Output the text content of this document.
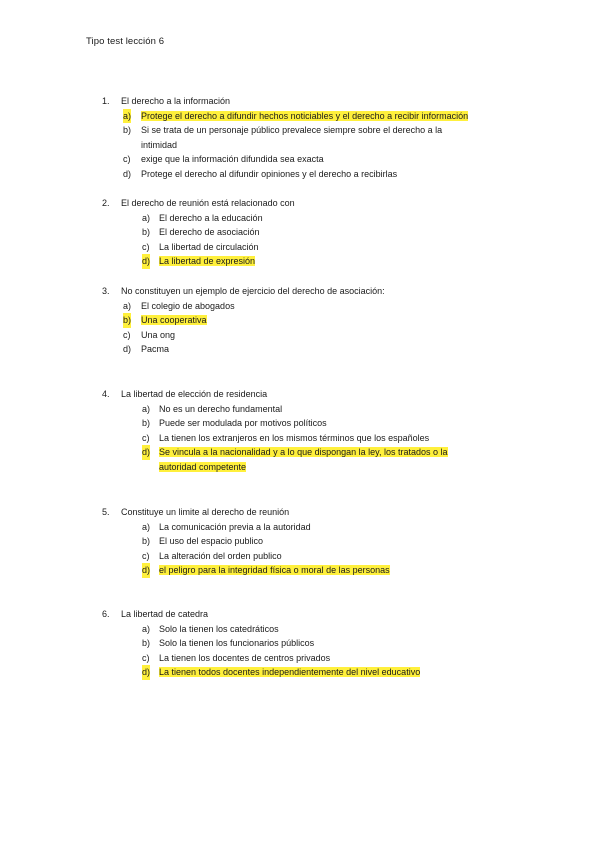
Tipo test lección 6
1. El derecho a la información
a) Protege el derecho a difundir hechos noticiables y el derecho a recibir información
b) Si se trata de un personaje público prevalece siempre sobre el derecho a la
intimidad
c) exige que la información difundida sea exacta
d) Protege el derecho al difundir opiniones y el derecho a recibirlas
2. El derecho de reunión está relacionado con
a) El derecho a la educación
b) El derecho de asociación
c) La libertad de circulación
d) La libertad de expresión
3. No constituyen un ejemplo de ejercicio del derecho de asociación:
a) El colegio de abogados
b) Una cooperativa
c) Una ong
d) Pacma
4. La libertad de elección de residencia
a) No es un derecho fundamental
b) Puede ser modulada por motivos políticos
c) La tienen los extranjeros en los mismos términos que los españoles
d) Se vincula a la nacionalidad y a lo que dispongan la ley, los tratados o la
autoridad competente
5. Constituye un limite al derecho de reunión
a) La comunicación previa a la autoridad
b) El uso del espacio publico
c) La alteración del orden publico
d) el peligro para la integridad física o moral de las personas
6. La libertad de catedra
a) Solo la tienen los catedráticos
b) Solo la tienen los funcionarios públicos
c) La tienen los docentes de centros privados
d) La tienen todos docentes independientemente del nivel educativo
